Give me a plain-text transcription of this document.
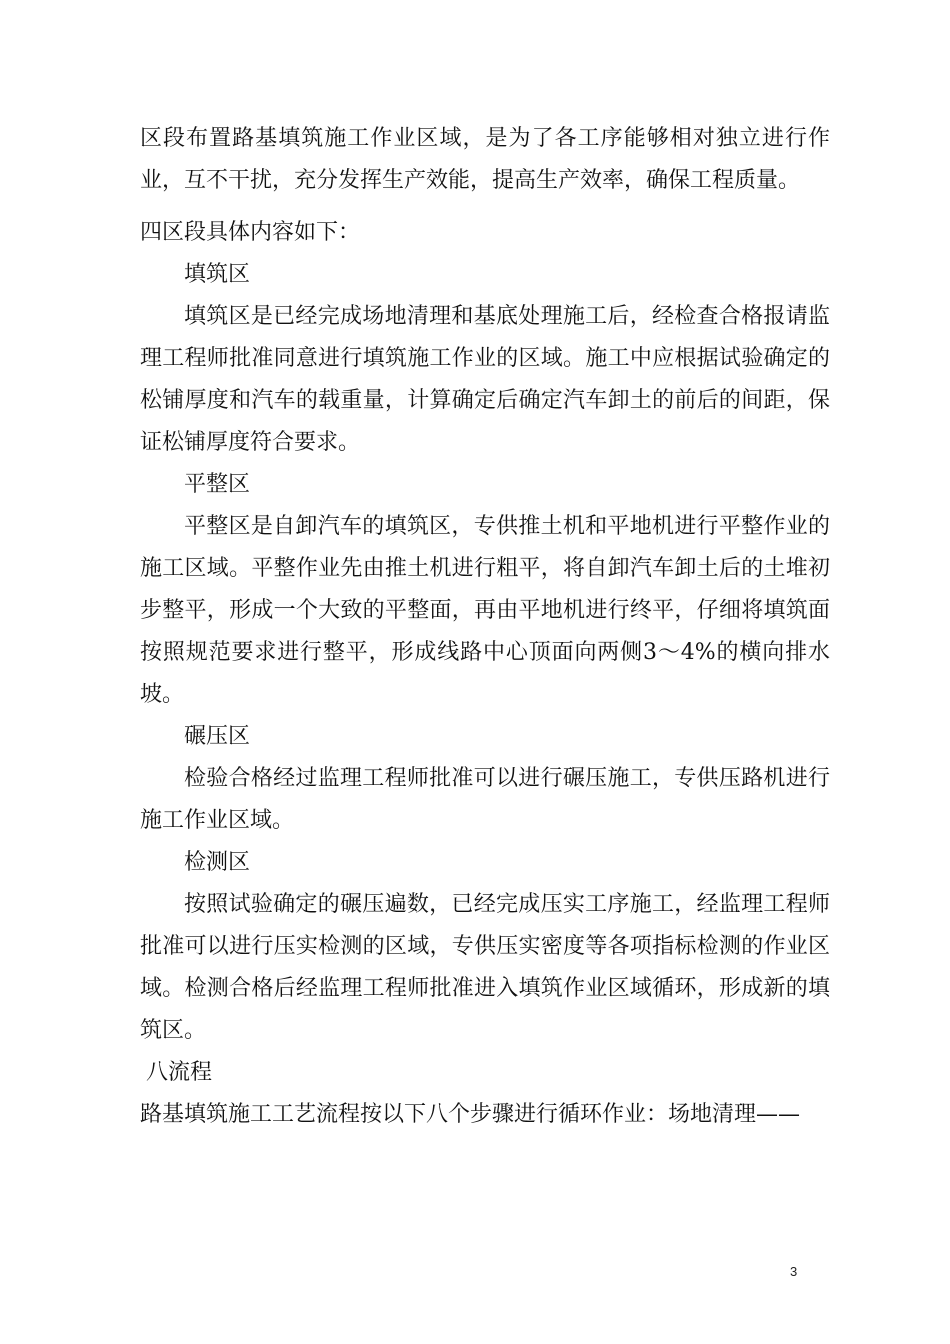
区段布置路基填筑施工作业区域，是为了各工序能够相对独立进行作业，互不干扰，充分发挥生产效能，提高生产效率，确保工程质量。

四区段具体内容如下：

填筑区

填筑区是已经完成场地清理和基底处理施工后，经检查合格报请监理工程师批准同意进行填筑施工作业的区域。施工中应根据试验确定的松铺厚度和汽车的载重量，计算确定后确定汽车卸土的前后的间距，保证松铺厚度符合要求。

平整区

平整区是自卸汽车的填筑区，专供推土机和平地机进行平整作业的施工区域。平整作业先由推土机进行粗平，将自卸汽车卸土后的土堆初步整平，形成一个大致的平整面，再由平地机进行终平，仔细将填筑面按照规范要求进行整平，形成线路中心顶面向两侧3～4%的横向排水坡。

碾压区

检验合格经过监理工程师批准可以进行碾压施工，专供压路机进行施工作业区域。

检测区

按照试验确定的碾压遍数，已经完成压实工序施工，经监理工程师批准可以进行压实检测的区域，专供压实密度等各项指标检测的作业区域。检测合格后经监理工程师批准进入填筑作业区域循环，形成新的填筑区。

八流程

路基填筑施工工艺流程按以下八个步骤进行循环作业：场地清理——

3
